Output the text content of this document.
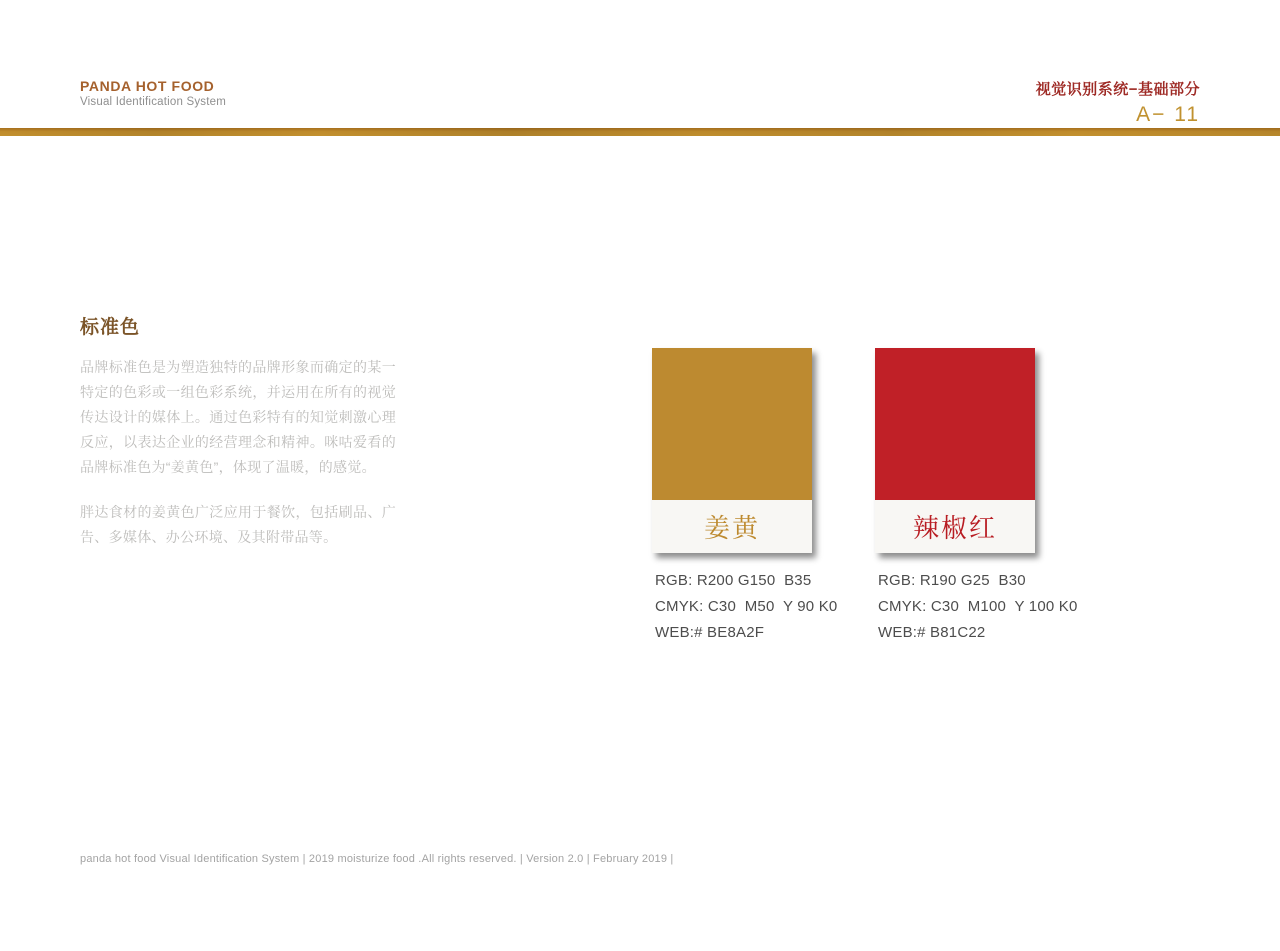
PANDA HOT FOOD
Visual Identification System
视觉识别系统−基础部分
A− 11
标准色

品牌标准色是为塑造独特的品牌形象而确定的某一特定的色彩或一组色彩系统，并运用在所有的视觉传达设计的媒体上。通过色彩特有的知觉刺激心理反应，以表达企业的经营理念和精神。咪咕爱看的品牌标准色为“姜黄色”，体现了温暖，的感觉。

胖达食材的姜黄色广泛应用于餐饮，包括刷品、广告、多媒体、办公环境、及其附带品等。	姜黄
RGB: R200 G150  B35
CMYK: C30  M50  Y 90 K0
WEB:# BE8A2F
辣椒红
RGB: R190 G25  B30
CMYK: C30  M100  Y 100 K0
WEB:# B81C22
panda hot food Visual Identification System | 2019 moisturize food .All rights reserved. | Version 2.0 | February 2019 |
